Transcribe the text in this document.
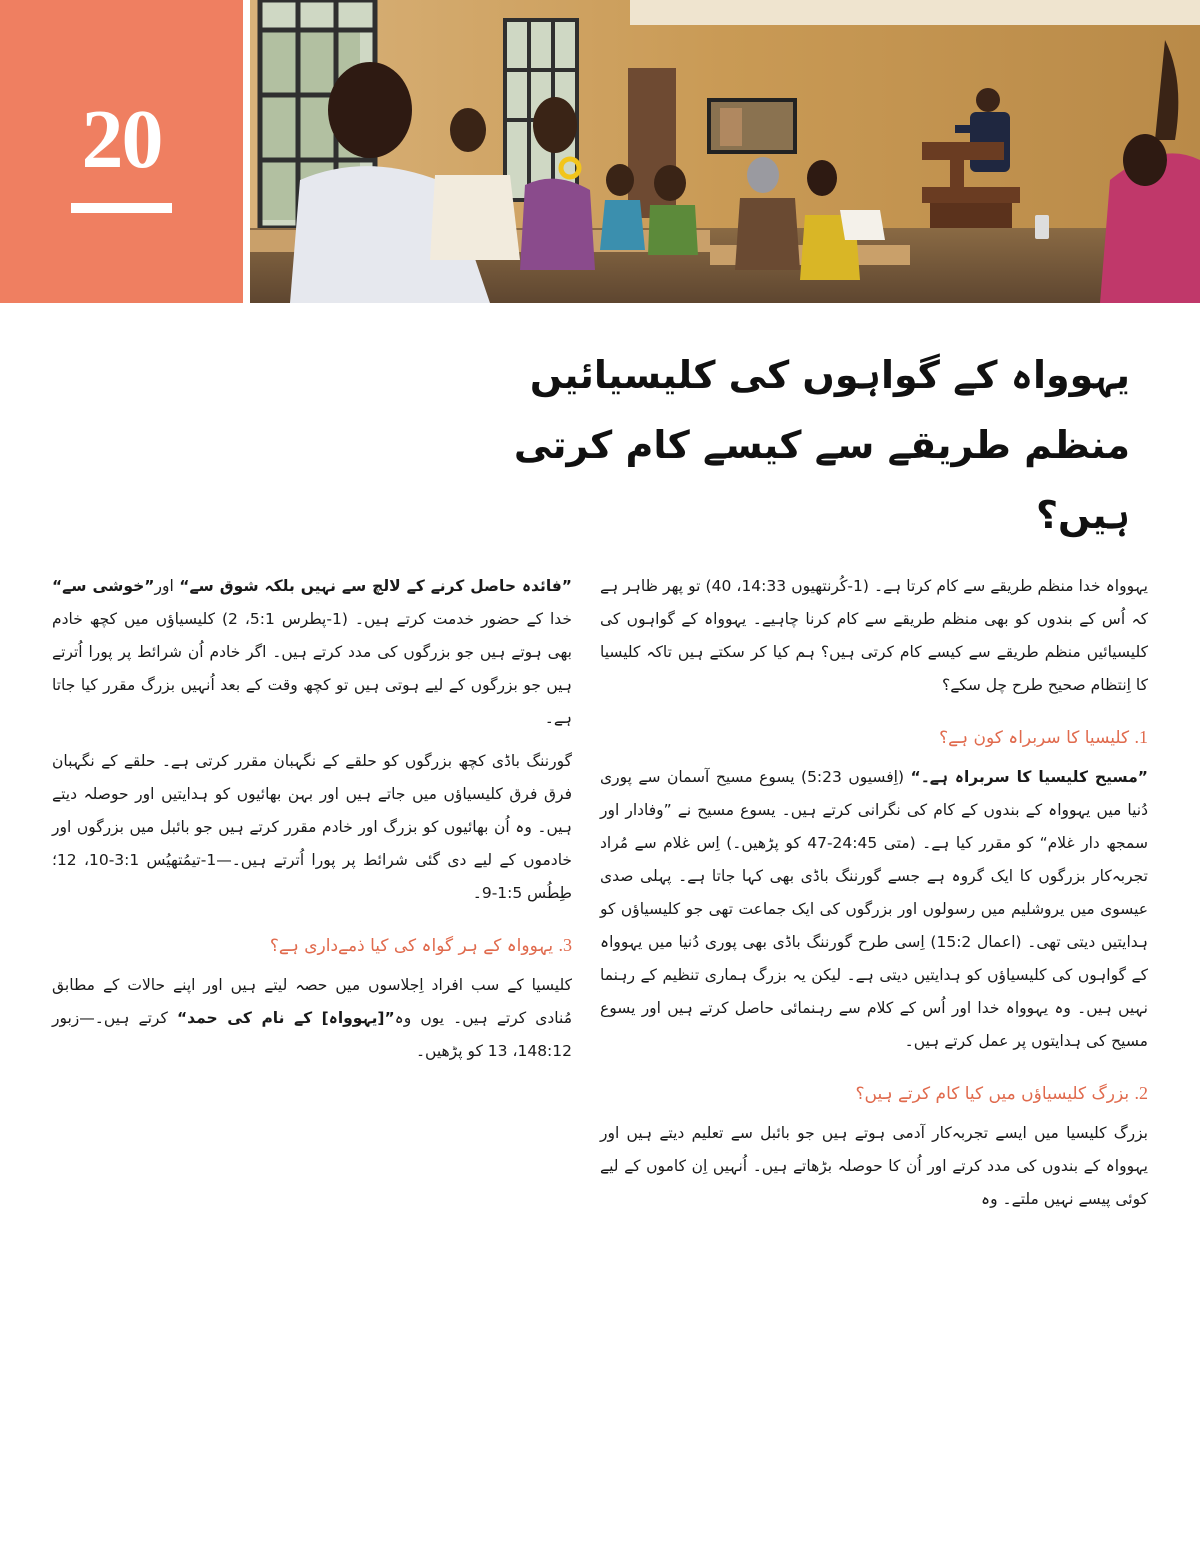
20
یہوواہ کے گواہوں کی کلیسیائیں منظم طریقے سے کیسے کام کرتی ہیں؟

یہوواہ خدا منظم طریقے سے کام کرتا ہے۔ (1-کُرنتھیوں 14:33، 40) تو پھر ظاہر ہے کہ اُس کے بندوں کو بھی منظم طریقے سے کام کرنا چاہیے۔ یہوواہ کے گواہوں کی کلیسیائیں منظم طریقے سے کیسے کام کرتی ہیں؟ ہم کیا کر سکتے ہیں تاکہ کلیسیا کا اِنتظام صحیح طرح چل سکے؟

1. کلیسیا کا سربراہ کون ہے؟

”مسیح کلیسیا کا سربراہ ہے۔“ (اِفسیوں 5:23) یسوع مسیح آسمان سے پوری دُنیا میں یہوواہ کے بندوں کے کام کی نگرانی کرتے ہیں۔ یسوع مسیح نے ”وفادار اور سمجھ دار غلام“ کو مقرر کیا ہے۔ (متی 24:45-47 کو پڑھیں۔) اِس غلام سے مُراد تجربہ‌کار بزرگوں کا ایک گروہ ہے جسے گورننگ باڈی بھی کہا جاتا ہے۔ پہلی صدی عیسوی میں یروشلیم میں رسولوں اور بزرگوں کی ایک جماعت تھی جو کلیسیاؤں کو ہدایتیں دیتی تھی۔ (اعمال 15:2) اِسی طرح گورننگ باڈی بھی پوری دُنیا میں یہوواہ کے گواہوں کی کلیسیاؤں کو ہدایتیں دیتی ہے۔ لیکن یہ بزرگ ہماری تنظیم کے رہنما نہیں ہیں۔ وہ یہوواہ خدا اور اُس کے کلام سے رہنمائی حاصل کرتے ہیں اور یسوع مسیح کی ہدایتوں پر عمل کرتے ہیں۔

2. بزرگ کلیسیاؤں میں کیا کام کرتے ہیں؟

بزرگ کلیسیا میں ایسے تجربہ‌کار آدمی ہوتے ہیں جو بائبل سے تعلیم دیتے ہیں اور یہوواہ کے بندوں کی مدد کرتے اور اُن کا حوصلہ بڑھاتے ہیں۔ اُنہیں اِن کاموں کے لیے کوئی پیسے نہیں ملتے۔ وہ

”فائدہ حاصل کرنے کے لالچ سے نہیں بلکہ شوق سے“ اور”خوشی سے“ خدا کے حضور خدمت کرتے ہیں۔ (1-پطرس 5:1، 2) کلیسیاؤں میں کچھ خادم بھی ہوتے ہیں جو بزرگوں کی مدد کرتے ہیں۔ اگر خادم اُن شرائط پر پورا اُترتے ہیں جو بزرگوں کے لیے ہوتی ہیں تو کچھ وقت کے بعد اُنہیں بزرگ مقرر کیا جاتا ہے۔

گورننگ باڈی کچھ بزرگوں کو حلقے کے نگہبان مقرر کرتی ہے۔ حلقے کے نگہبان فرق فرق کلیسیاؤں میں جاتے ہیں اور بہن بھائیوں کو ہدایتیں اور حوصلہ دیتے ہیں۔ وہ اُن بھائیوں کو بزرگ اور خادم مقرر کرتے ہیں جو بائبل میں بزرگوں اور خادموں کے لیے دی گئی شرائط پر پورا اُترتے ہیں۔—1-تیمُتھیُس 3:1-10، 12؛ طِطُس 1:5-9۔

3. یہوواہ کے ہر گواہ کی کیا ذمے‌داری ہے؟

کلیسیا کے سب افراد اِجلاسوں میں حصہ لیتے ہیں اور اپنے حالات کے مطابق مُنادی کرتے ہیں۔ یوں وہ”[یہوواہ] کے نام کی حمد“ کرتے ہیں۔—زبور 148:12، 13 کو پڑھیں۔
